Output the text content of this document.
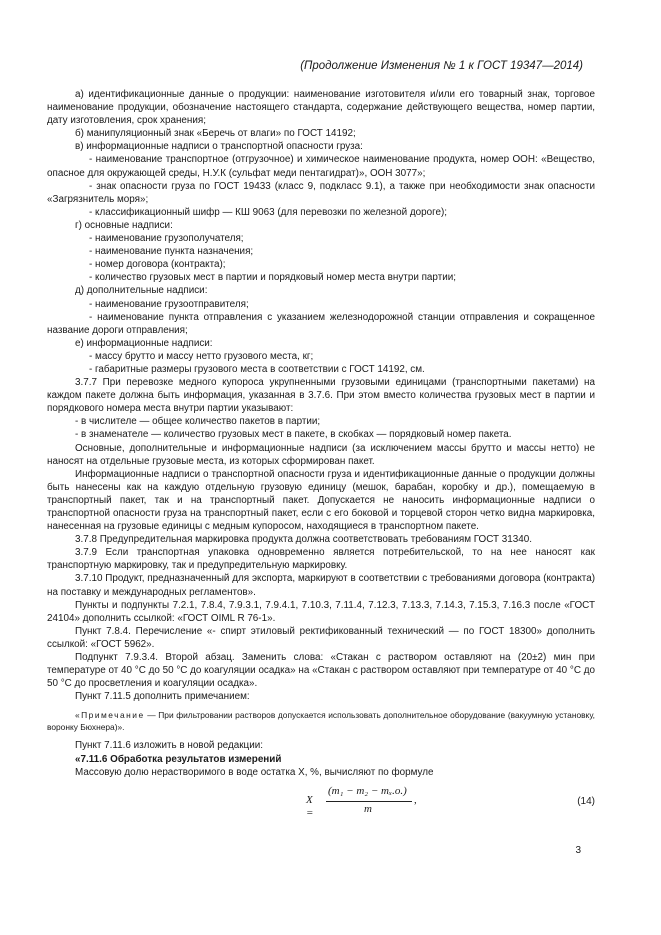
(Продолжение Изменения № 1 к ГОСТ 19347—2014)

а) идентификационные данные о продукции: наименование изготовителя и/или его товарный знак, торговое наименование продукции, обозначение настоящего стандарта, содержание действующего вещества, номер партии, дату изготовления, срок хранения;

б) манипуляционный знак «Беречь от влаги» по ГОСТ 14192;

в) информационные надписи о транспортной опасности груза:

- наименование транспортное (отгрузочное) и химическое наименование продукта, номер ООН: «Вещество, опасное для окружающей среды, Н.У.К (сульфат меди пентагидрат)», ООН 3077»;

- знак опасности груза по ГОСТ 19433 (класс 9, подкласс 9.1), а также при необходимости знак опасности «Загрязнитель моря»;

- классификационный шифр — КШ 9063 (для перевозки по железной дороге);

г) основные надписи:

- наименование грузополучателя;

- наименование пункта назначения;

- номер договора (контракта);

- количество грузовых мест в партии и порядковый номер места внутри партии;

д) дополнительные надписи:

- наименование грузоотправителя;

- наименование пункта отправления с указанием железнодорожной станции отправления и сокращенное название дороги отправления;

е) информационные надписи:

- массу брутто и массу нетто грузового места, кг;

- габаритные размеры грузового места в соответствии с ГОСТ 14192, см.

3.7.7 При перевозке медного купороса укрупненными грузовыми единицами (транспортными пакетами) на каждом пакете должна быть информация, указанная в 3.7.6. При этом вместо количества грузовых мест в партии и порядкового номера места внутри партии указывают:

- в числителе — общее количество пакетов в партии;

- в знаменателе — количество грузовых мест в пакете, в скобках — порядковый номер пакета.

Основные, дополнительные и информационные надписи (за исключением массы брутто и массы нетто) не наносят на отдельные грузовые места, из которых сформирован пакет.

Информационные надписи о транспортной опасности груза и идентификационные данные о продукции должны быть нанесены как на каждую отдельную грузовую единицу (мешок, барабан, коробку и др.), помещаемую в транспортный пакет, так и на транспортный пакет. Допускается не наносить информационные надписи о транспортной опасности груза на транспортный пакет, если с его боковой и торцевой сторон четко видна маркировка, нанесенная на грузовые единицы с медным купоросом, находящиеся в транспортном пакете.

3.7.8 Предупредительная маркировка продукта должна соответствовать требованиям ГОСТ 31340.

3.7.9 Если транспортная упаковка одновременно является потребительской, то на нее наносят как транспортную маркировку, так и предупредительную маркировку.

3.7.10 Продукт, предназначенный для экспорта, маркируют в соответствии с требованиями договора (контракта) на поставку и международных регламентов».

Пункты и подпункты 7.2.1, 7.8.4, 7.9.3.1, 7.9.4.1, 7.10.3, 7.11.4, 7.12.3, 7.13.3, 7.14.3, 7.15.3, 7.16.3 после «ГОСТ 24104» дополнить ссылкой: «ГОСТ OIML R 76-1».

Пункт 7.8.4. Перечисление «- спирт этиловый ректификованный технический — по ГОСТ 18300» дополнить ссылкой: «ГОСТ 5962».

Подпункт 7.9.3.4. Второй абзац. Заменить слова: «Стакан с раствором оставляют на (20±2) мин при температуре от 40 °С до 50 °С до коагуляции осадка» на «Стакан с раствором оставляют при температуре от 40 °С до 50 °С до просветления и коагуляции осадка».

Пункт 7.11.5 дополнить примечанием:

«Примечание — При фильтровании растворов допускается использовать дополнительное оборудование (вакуумную установку, воронку Бюхнера)».

Пункт 7.11.6 изложить в новой редакции:

«7.11.6 Обработка результатов измерений

Массовую долю нерастворимого в воде остатка X, %, вычисляют по формуле

X =
(m₁ − m₂ − mₓ.о.)
m
,	(14)
3
